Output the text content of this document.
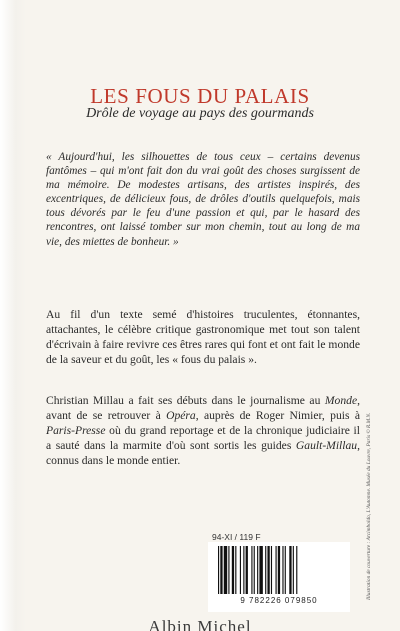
LES FOUS DU PALAIS
Drôle de voyage au pays des gourmands
« Aujourd'hui, les silhouettes de tous ceux – certains devenus fantômes – qui m'ont fait don du vrai goût des choses surgissent de ma mémoire. De modestes artisans, des artistes inspirés, des excentriques, de délicieux fous, de drôles d'outils quelquefois, mais tous dévorés par le feu d'une passion et qui, par le hasard des rencontres, ont laissé tomber sur mon chemin, tout au long de ma vie, des miettes de bonheur. »
Au fil d'un texte semé d'histoires truculentes, étonnantes, attachantes, le célèbre critique gastronomique met tout son talent d'écrivain à faire revivre ces êtres rares qui font et ont fait le monde de la saveur et du goût, les « fous du palais ».
Christian Millau a fait ses débuts dans le journalisme au Monde, avant de se retrouver à Opéra, auprès de Roger Nimier, puis à Paris-Presse où du grand reportage et de la chronique judiciaire il a sauté dans la marmite d'où sont sortis les guides Gault-Millau, connus dans le monde entier.
94-XI / 119 F
9 782226 079850
Illustration de couverture : Arcimboldo, L'Automne. Musée du Louvre, Paris © R.M.N.
Albin Michel
